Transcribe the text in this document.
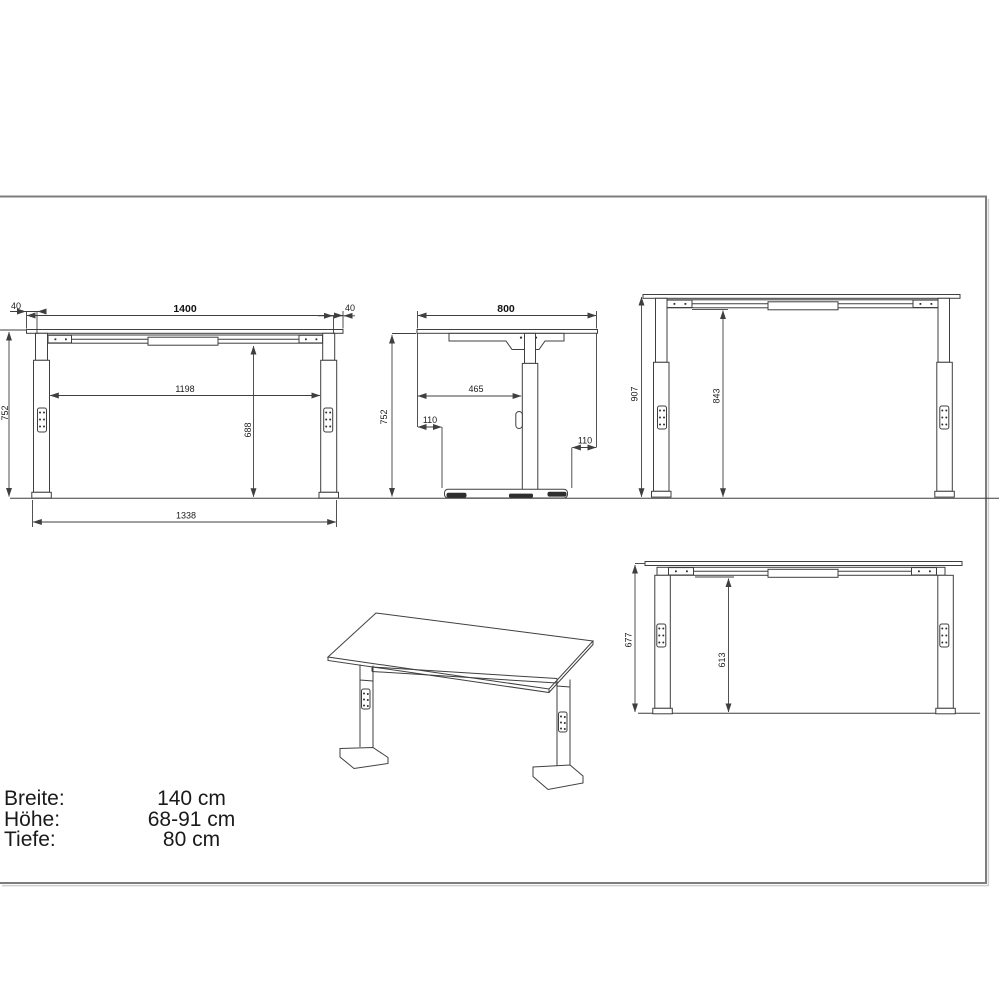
752
1400
40	40
1198
688
1338
800
752
465
110
110
907	843
677
613
Breite:	140 cm
Höhe:	68-91 cm
Tiefe:	80 cm
